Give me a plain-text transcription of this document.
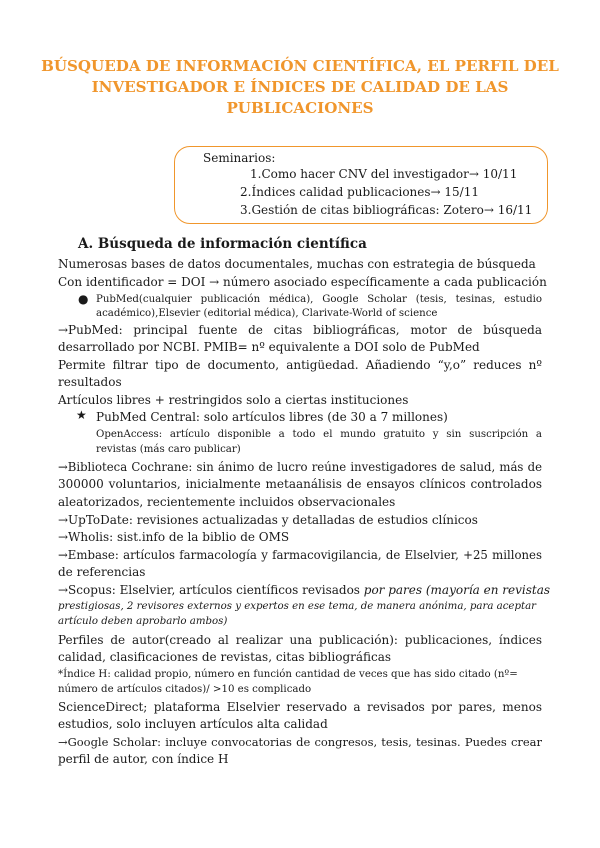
BÚSQUEDA DE INFORMACIÓN CIENTÍFICA, EL PERFIL DEL
INVESTIGADOR E ÍNDICES DE CALIDAD DE LAS
PUBLICACIONES
Seminarios:
1.Como hacer CNV del investigador→ 10/11
2.Índices calidad publicaciones→ 15/11
3.Gestión de citas bibliográficas: Zotero→ 16/11
A. Búsqueda de información científica
Numerosas bases de datos documentales, muchas con estrategia de búsqueda
Con identificador = DOI → número asociado específicamente a cada publicación
● PubMed(cualquier publicación médica), Google Scholar (tesis, tesinas, estudio
académico),Elsevier (editorial médica), Clarivate-World of science
→PubMed: principal fuente de citas bibliográficas, motor de búsqueda
desarrollado por NCBI. PMIB= nº equivalente a DOI solo de PubMed
Permite filtrar tipo de documento, antigüedad. Añadiendo “y,o” reduces nº
resultados
Artículos libres + restringidos solo a ciertas instituciones
★ PubMed Central: solo artículos libres (de 30 a 7 millones)
OpenAccess: artículo disponible a todo el mundo gratuito y sin suscripción a
revistas (más caro publicar)
→Biblioteca Cochrane: sin ánimo de lucro reúne investigadores de salud, más de
300000 voluntarios, inicialmente metaanálisis de ensayos clínicos controlados
aleatorizados, recientemente incluidos observacionales
→UpToDate: revisiones actualizadas y detalladas de estudios clínicos
→Wholis: sist.info de la biblio de OMS
→Embase: artículos farmacología y farmacovigilancia, de Elselvier, +25 millones
de referencias
→Scopus: Elselvier, artículos científicos revisados por pares (mayoría en revistas
prestigiosas, 2 revisores externos y expertos en ese tema, de manera anónima, para aceptar
artículo deben aprobarlo ambos)
Perfiles de autor(creado al realizar una publicación): publicaciones, índices
calidad, clasificaciones de revistas, citas bibliográficas
*Índice H: calidad propio, número en función cantidad de veces que has sido citado (nº=
número de artículos citados)/ >10 es complicado
ScienceDirect; plataforma Elselvier reservado a revisados por pares, menos
estudios, solo incluyen artículos alta calidad
→Google Scholar: incluye convocatorias de congresos, tesis, tesinas. Puedes crear
perfil de autor, con índice H
